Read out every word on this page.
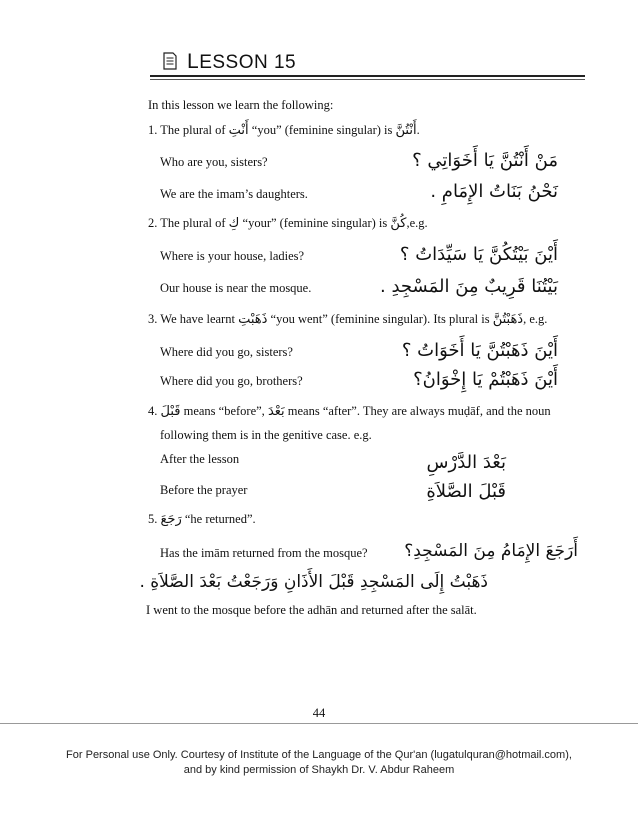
LESSON 15
In this lesson we learn the following:
1. The plural of أَنْتِ “you” (feminine singular) is أَنْتُنَّ.
Who are you, sisters?	مَنْ أَنْتُنَّ يَا أَخَوَاتِي ؟
We are the imam’s daughters.	نَحْنُ بَنَاتُ الإِمَامِ .
2. The plural of كِ “your” (feminine singular) is كُنَّ,e.g.
Where is your house, ladies?	أَيْنَ بَيْتُكُنَّ يَا سَيِّدَاتُ ؟
Our house is near the mosque.	بَيْتُنَا قَرِيبٌ مِنَ المَسْجِدِ .
3. We have learnt ذَهَبْتِ “you went” (feminine singular). Its plural is ذَهَبْتُنَّ, e.g.
Where did you go, sisters?	أَيْنَ ذَهَبْتُنَّ يَا أَخَوَاتُ ؟
Where did you go, brothers?	أَيْنَ ذَهَبْتُمْ يَا إِخْوَانُ؟
4. قَبْلَ means “before”, بَعْدَ means “after”. They are always muḍāf, and the noun
following them is in the genitive case. e.g.
After the lesson	بَعْدَ الدَّرْسِ
Before the prayer	قَبْلَ الصَّلاَةِ
5. رَجَعَ “he returned”.
Has the imām returned from the mosque? أَرَجَعَ الإِمَامُ مِنَ المَسْجِدِ؟
ذَهَبْتُ إِلَى المَسْجِدِ قَبْلَ الأَذَانِ وَرَجَعْتُ بَعْدَ الصَّلاَةِ .
I went to the mosque before the adhān and returned after the salāt.
44
For Personal use Only. Courtesy of Institute of the Language of the Qur'an (lugatulquran@hotmail.com),
and by kind permission of Shaykh Dr. V. Abdur Raheem
